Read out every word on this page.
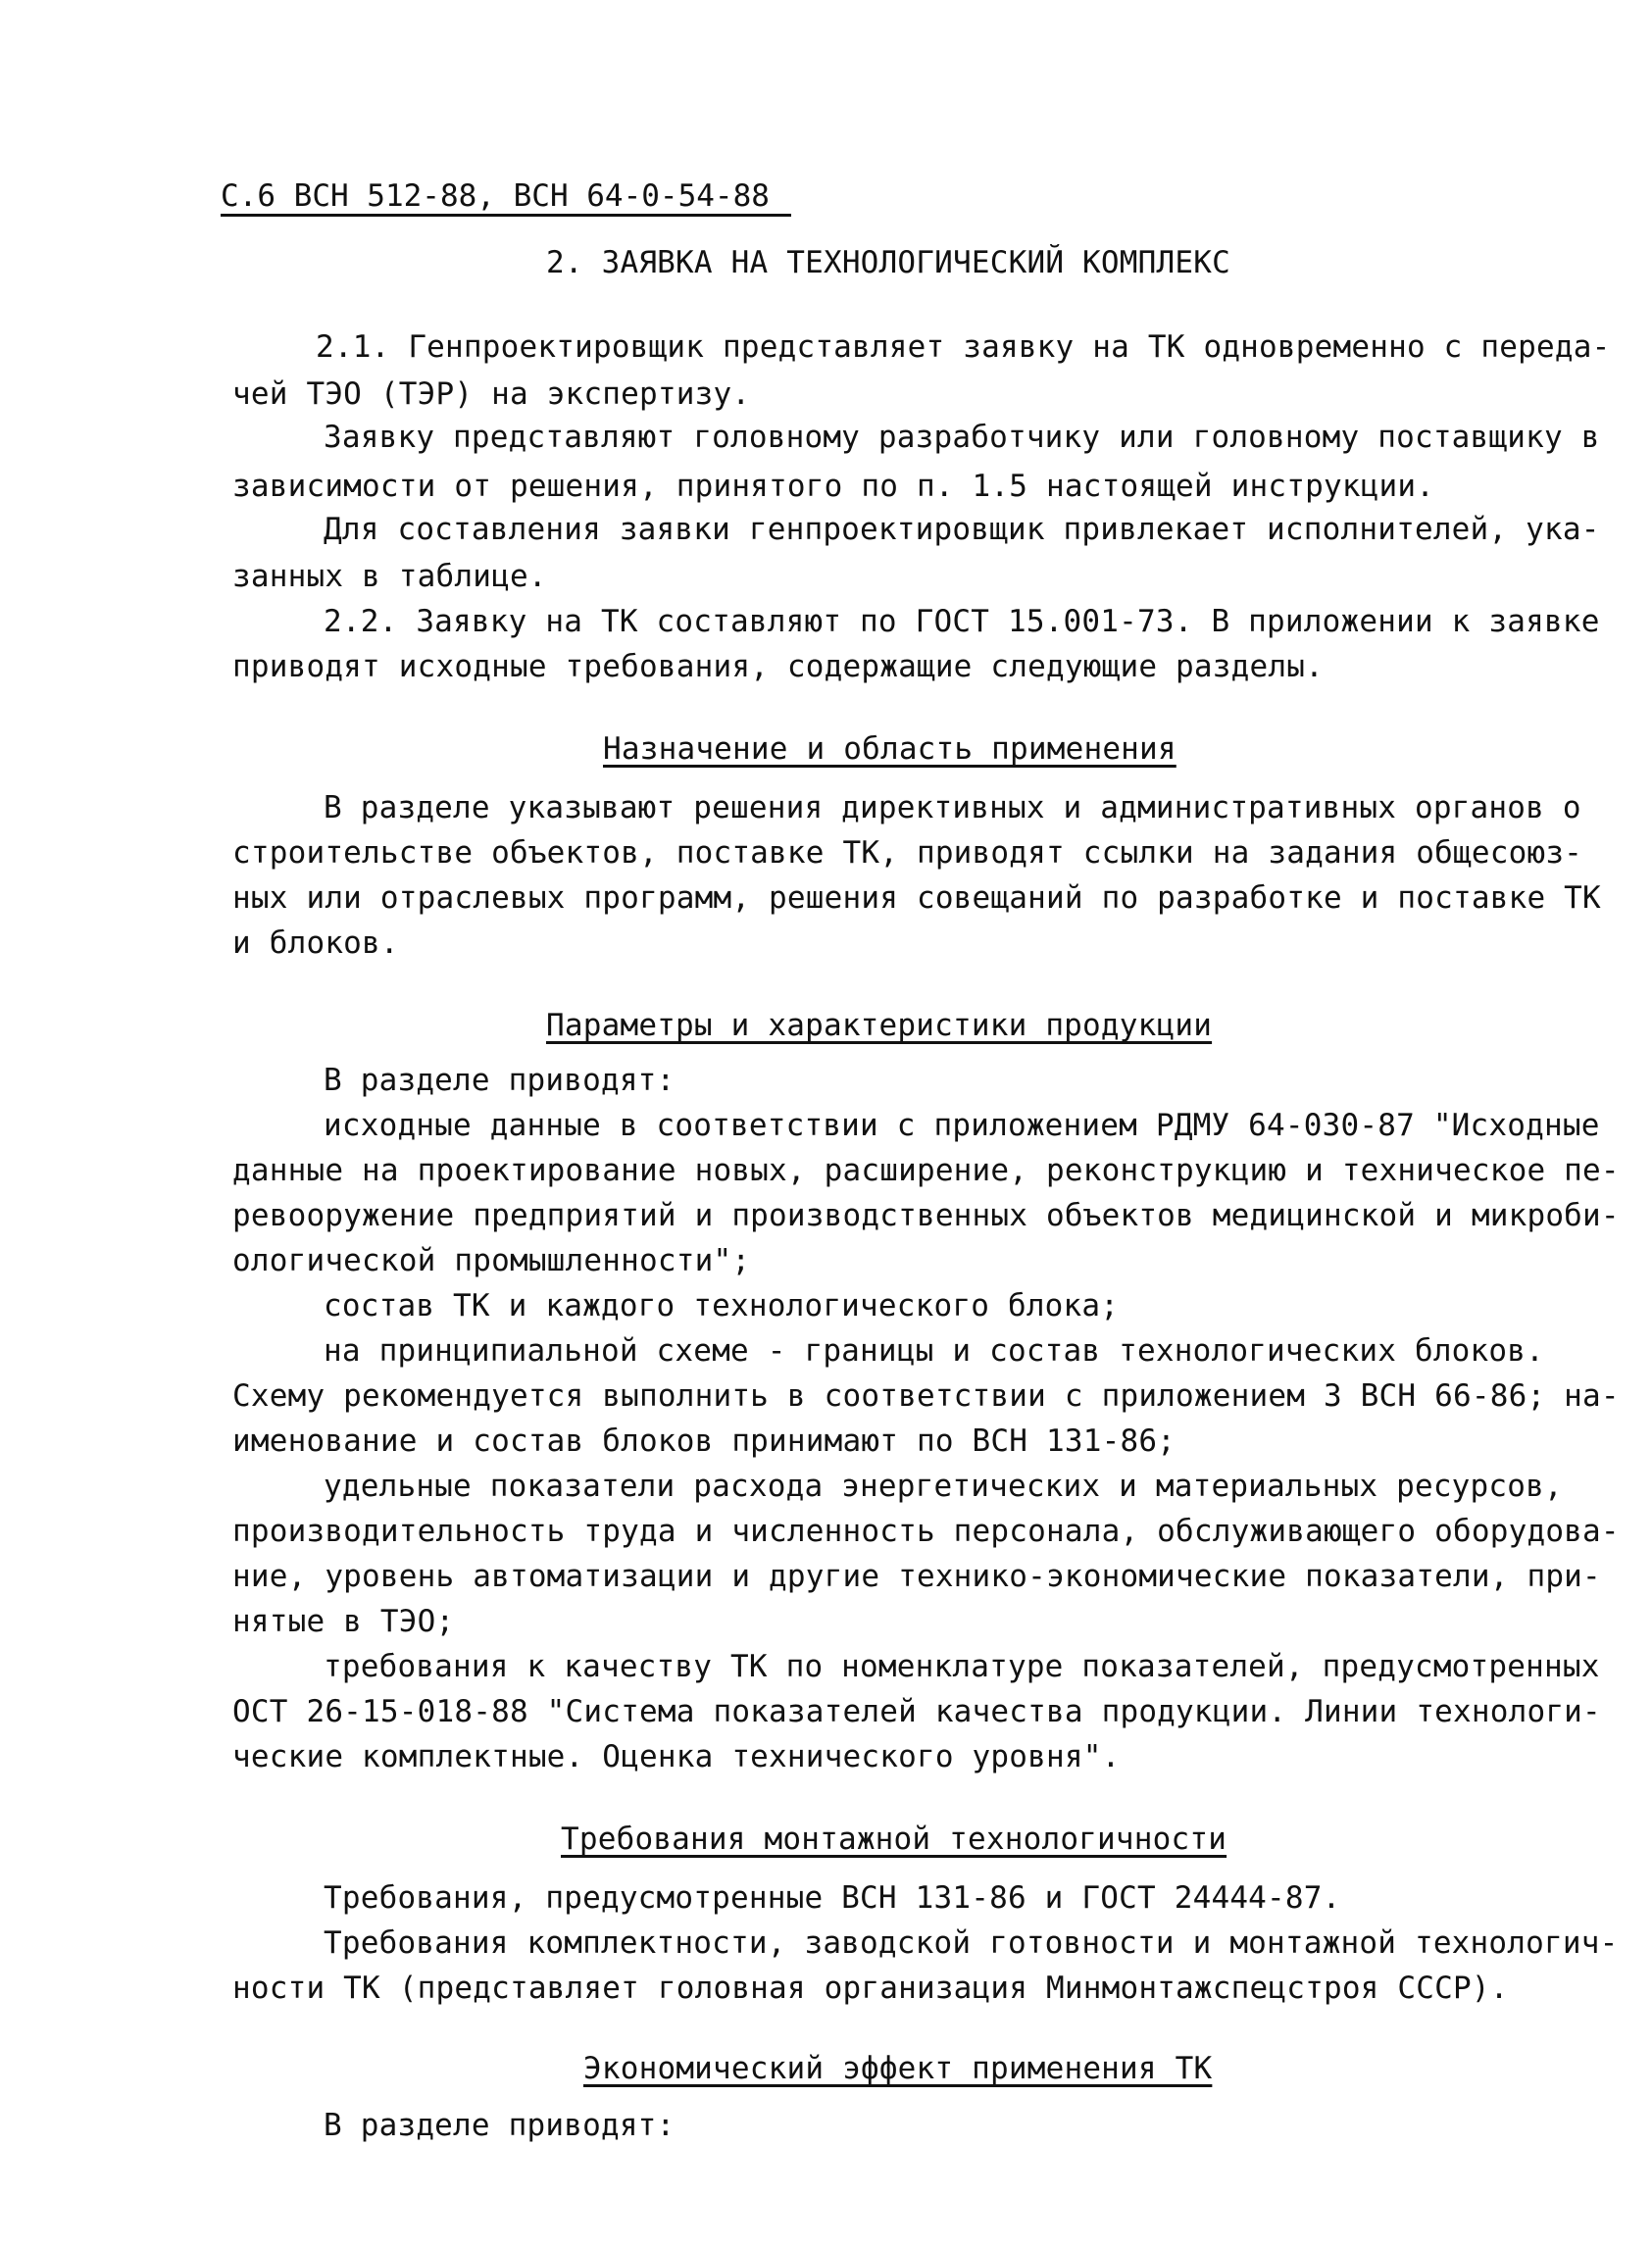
С.6 ВСН 512-88, ВСН 64-0-54-88
2. ЗАЯВКА НА ТЕХНОЛОГИЧЕСКИЙ КОМПЛЕКС
2.1. Генпроектировщик представляет заявку на ТК одновременно с переда-
чей ТЭО (ТЭР) на экспертизу.
Заявку представляют головному разработчику или головному поставщику в
зависимости от решения, принятого по п. 1.5 настоящей инструкции.
Для составления заявки генпроектировщик привлекает исполнителей, ука-
занных в таблице.
2.2. Заявку на ТК составляют по ГОСТ 15.001-73. В приложении к заявке
приводят исходные требования, содержащие следующие разделы.
Назначение и область применения
В разделе указывают решения директивных и административных органов о
строительстве объектов, поставке ТК, приводят ссылки на задания общесоюз-
ных или отраслевых программ, решения совещаний по разработке и поставке ТК
и блоков.
Параметры и характеристики продукции
В разделе приводят:
исходные данные в соответствии с приложением РДМУ 64-030-87 "Исходные
данные на проектирование новых, расширение, реконструкцию и техническое пе-
ревооружение предприятий и производственных объектов медицинской и микроби-
ологической промышленности";
состав ТК и каждого технологического блока;
на принципиальной схеме - границы и состав технологических блоков.
Схему рекомендуется выполнить в соответствии с приложением 3 ВСН 66-86; на-
именование и состав блоков принимают по ВСН 131-86;
удельные показатели расхода энергетических и материальных ресурсов,
производительность труда и численность персонала, обслуживающего оборудова-
ние, уровень автоматизации и другие технико-экономические показатели, при-
нятые в ТЭО;
требования к качеству ТК по номенклатуре показателей, предусмотренных
ОСТ 26-15-018-88 "Система показателей качества продукции. Линии технологи-
ческие комплектные. Оценка технического уровня".
Требования монтажной технологичности
Требования, предусмотренные ВСН 131-86 и ГОСТ 24444-87.
Требования комплектности, заводской готовности и монтажной технологич-
ности ТК (представляет головная организация Минмонтажспецстроя СССР).
Экономический эффект применения ТК
В разделе приводят:
